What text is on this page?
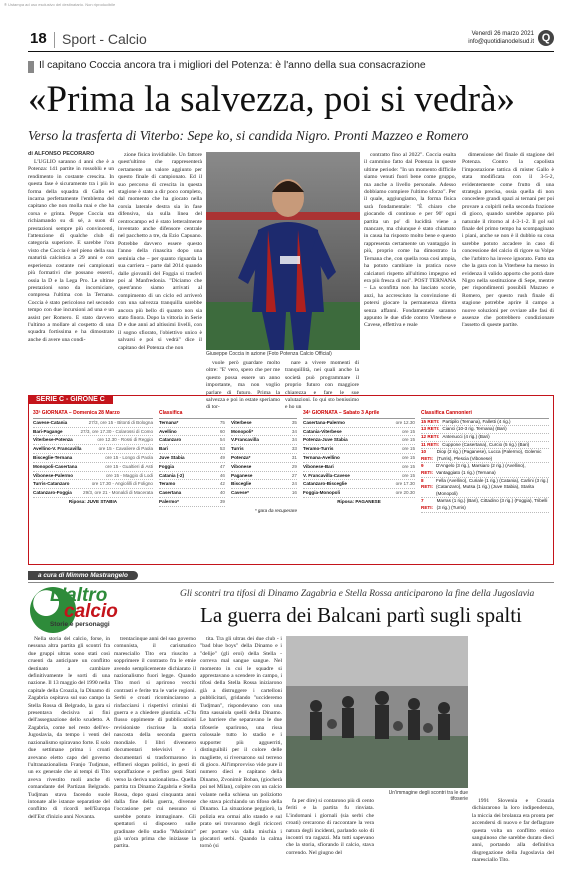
® Ustampa ad uso esclusivo del destinatario. Non riproducibile
18 Sport - Calcio	Venerdì 26 marzo 2021
info@quotidianodelsud.it Q
Il capitano Coccia ancora tra i migliori del Potenza: è l'anno della sua consacrazione
«Prima la salvezza, poi si vedrà»
Verso la trasferta di Viterbo: Sepe ko, si candida Nigro. Pronti Mazzeo e Romero
di ALFONSO PECORARO

L'UGLIO saranno 4 anni che è a Potenza: 141 partite in rossoblù e un rendimento in costante crescita. In questa fase è sicuramente tra i più in forma della squadra di Gallo ed incarna perfettamente l'emblema del capitano che non molla mai e che ha corsa e grinta. Peppe Coccia sta richiamando su di sé, a suon di prestazioni sempre più convincenti, l'attenzione di qualche club di categoria superiore. E sarebbe l'ora visto che Coccia è nel pieno della sua maturità calcistica a 29 anni e con esperienza costante nei campionati più formativi che possano esserci, ossia la D e la Lega Pro. Le ultime prestazioni sono da incorniciare, compresa l'ultima con la Ternana. Coccia è stato pericoloso nel secondo tempo con due incursioni ad una e un assist per Romero. E stato davvero l'ultimo a mollare al cospetto di una squadra fortissima e ha dimostrato anche di avere una condi-

zione fisica invidiabile. Un fattore quest'ultimo che rappresenterà certamente un valore aggiunto per questo finale di campionato. Ed il suo percorso di crescita in questa stagione è stato a dir poco completo, dal momento che ha giocato nella corsia laterale destra sia in fase difensiva, sia sulla linea del centrocampo ed è stato letteralmente inventato anche difensore centrale nel pacchetto a tre, da Ezio Capuano. Potrebbe davvero essere questo l'anno della rinascita dopo una seminia che – per quanto riguarda la sua carriera – parte dal 2014 quando dalle giovanili del Foggia si trasferì poi al Manfredonia. "Diciamo che quest'anno siamo arrivati al compimento di un ciclo ed arriverò con una salvezza tranquilla sarebbe ancora più bello di quanto non sia stato finora. Dopo la vittoria in Serie D e due anni ad altissimi livelli, con il sogno sfiorato, l'obiettivo unico è salvarsi e poi si vedrà" dice il capitano del Potenza che non

Giuseppe Coccia in azione (Foto Potenza Calcio Official)

vuole però guardare molto oltre: "E' vero, spero che per me questo possa essere un anno importante, ma non voglio parlare di futuro. Prima la salvezza e poi in estate speriamo di tor-

nare a vivere momenti di tranquillità, nei quali anche la società può programmare il proprio futuro con maggiore chiarezza e fare le sue valutazioni. Io qui sto benissimo e ho un

contratto fino al 2022". Coccia esalta il cammino fatto dal Potenza in queste ultime periode: "In un momento difficile siamo venuti fuori bene come gruppo, ma anche a livello personale. Adesso dobbiamo compiere l'ultimo sforzo". Per il quale, aggiungiamo, la forma fisica sarà fondamentale: "È chiaro che giocando di continuo e per 90' ogni partita un po' di lucidità viene a mancare, ma chiunque è stato chiamato in causa ha risposto molto bene e questo rappresenta certamente un vantaggio in più, proprio come ha dimostrato la Ternana che, con quella rosa così ampia, ha potuto cambiare in pratica nove calciatori rispetto all'ultimo impegno ed era più fresca di noi". POST TERNANA – La sconfitta non ha lasciato scorie, anzi, ha accresciuto la convinzione di potersi giocare la permanenza diretta senza affanni. Fondamentale saranno appunto le due sfide contro Viterbese e Cavese, effettiva e reale

dimensione del finale di stagione del Potenza. Contro la capolista l'impostazione tattica di mister Gallo è stata modificata con il 3-5-2, evidentemente come frutto di una strategia precisa, ossia quella di non concedere grandi spazi ai ternani per poi provare a colpirli nella seconda frazione di gioco, quando sarebbe apparso più naturale il ritorno al 4-3-1-2. Il gol sul finale del primo tempo ha scompaginato i piani, anche se non è il dubbio su cosa sarebbe potuto accadere in caso di concessione del calcio di rigore su Volpe che l'arbitro ha invece ignorato. Fatto sta che la gara con la Viterbese ha messo in evidenza il valido apporto che potrà dare Nigro nella sostituzione di Sepe, mentre per rispondimenti possibili Mazzeo e Romero, per questo rush finale di stagione potrebbe aprire il campo a nuove soluzioni per ovviare alle fasi di assenze che potrebbero condizionare l'assetto di queste partite.

SERIE C - GIRONE C
33ª GIORNATA – Domenica 28 Marzo
Cavese-Catania	27/3, ore 15 - Bitonti di Bologna
Bari-Pagange	27/3, ore 17.30 - Colarossi di Como
Viterbese-Potenza	ore 12.30 - Rossi di Reggio
Avellino-V. Francavilla	ore 15 - Cavaliere di Paola
Bisceglie-Ternana	ore 15 - Longo di Paola
Monopoli-Casertana	ore 15 - Gualtieri di Asti
Vibonese-Palermo	ore 15 - Maggio di Lodi
Turris-Catanzaro	ore 17.30 - Angiolilli di Foligno
Catanzaro-Foggia 29/3, ore 21 - Monaldi di Macerata
Riposa: JUVE STABIA
Classifica
Ternana*	75
Avellino	60
Catanzaro	54
Bari	53
Juve Stabia	49
Foggia	47
Catania (-2)	46
Teramo	42
Casertana	40
Palermo*	39
Viterbese	35
Monopoli*	34
V.Francavilla	34
Turris	33
Potenza*	31
Vibonese	29
Paganese	27
Bisceglie	24
Cavese*	16
* gara da recuperare
34ª GIORNATA – Sabato 3 Aprile
Casertana-Palermo	ore 12.30
Catania-Viterbese	ore 15
Potenza-Juve Stabia	ore 15
Teramo-Turris	ore 15
Ternana-Avellino	ore 15
Vibonese-Bari	ore 15
V. Francavilla-Cavese	ore 15
Catanzaro-Bisceglie	ore 17.30
Foggia-Monopoli	ore 20.30
Riposa: PAGANESE
Classifica Cannonieri
15 RETI: Partipilo (Ternana), Falletti (4 rig.)
13 RETI: Cianci (10-3 rig. Ternana) (Bari)
12 RETI: Antenucci (4 rig.) (Bari)
11 RETI: Cuppone (Casertana), Curcio (5 rig.) (Bari)
10 RETI:
Diop (2 rig.) (Paganese), Lucca (Palermo), Golemic (Turris), Plescia (Vibonese)
9 RETI:
D'Angelo (3 rig.), Marsiaro (2 rig.) (Avellino), Vantaggiato (1 rig.) (Ternana)
8 RETI:
Fella (Avellino), Curiale (1 rig.) (Catania), Carlini (3 rig.) (Catanzaro), Mutsa (1 rig.) (Juve Stabia), Starita (Monopoli)
7 RETI:
Marras (1 rig.) (Bari), Cittadino (3 rig.) (Foggia), Tribelli (3 rig.) (Turris)
a cura di Mimmo Mastrangelo
L'altro
calcio
Storie e personaggi
Gli scontri tra tifosi di Dinamo Zagabria e Stella Rossa anticiparono la fine della Jugoslavia
La guerra dei Balcani partì sugli spalti

Nella storia del calcio, forse, in nessuna altra partita gli scontri fra due gruppi ultras sono stati così cruenti da anticipare un conflitto destinato a cambiare definitivamente le sorti di una nazione. Il 13 maggio del 1990 nella capitale della Croazia, la Dinamo di Zagabria ospitava sul suo campo la Stella Rossa di Belgrado, la gara si presentava decisiva ai fini dell'assegnazione dello scudetto. A Zagabria, come nel resto dell'ex-Jugoslavia, da tempo i venti del nazionalismo spiravano forte. E solo due settimane prima i croati avevano eletto capo del governo l'ultranazionalista Franjo Tudjman, un ex generale che ai tempi di Tito aveva rivestito ruoli anche di comandante del Partizan Belgrado. Tudjman stava facendo suole intonate alle istanze separatiste del conflitto di ricordi nell'Europa dell'Est d'inizio anni Novanta.

trentacinque anni del suo governo comunista, il carismatico maresciallo Tito era riuscito a sopprimere il contrasto fra le etnie avendo semplicemente dichiarato il nazionalismo fuori legge. Quando Tito morì si aprirono vecchi contrasti e ferite tra le varie regioni. Serbi e croati ricominciarono a rinfacciarsi i rispettivi crimini di guerra e a chiedere giustizia. «C'fu flusso oppimente di pubblicazioni revisioniste riscrisse la storia nascosta della seconda guerra mondiale. I libri divennero documentari televisivi e i documentari si trasformarono in effimeri slogan politici, in gesti di sopraffazione e perfino gesti Stati verso la deriva nazionalista». Quella partita tra Dinamo Zagabria e Stella Rossa, dopo quasi cinquanta anni dalla fine della guerra, divenne l'occasione per cui nessuno si sarebbe potuto immaginare. Gli spettatori si disposero sulle gradinate dello stadio "Maksimir" già un'ora prima che iniziasse la partita.

tita. Tra gli ultras dei due club - i "bad blue boys" della Dinamo e i "delije" (gli eroi) della Stella - correva mal sangue sangue. Nel momento in cui le squadre si apprestavano a scendere in campo, i tifosi della Stella Rossa iniziarono già a distruggere i cartelloni pubblicitari, gridando "uccideremo Tudjman", rispondevano con una fitta sassaiola quelli della Dinamo. Le barriere che separavano le due tifoserie sparirono, una rissa colossale tutto lo stadio e i supporter più agguerriti, distinguibili per il colore delle magliette, si riversarono sul terreno di gioco. All'improvviso vide pure il numero dieci e capitano della Dinamo, Zvonimir Boban, (giocherà poi nel Milan), colpire con un calcio volante nella schiena un poliziotto che stava picchiando un tifoso della Dinamo. La situazione peggiorò, la polizia era ormai allo stando e sul prato sei trovarono degli ricicceri per portare via dalla mischia i giocatori serbi. Quando la calma tornò (si

Un'immagine degli scontri tra le due tifoserie

fa per dire) si contarono più di cento feriti e la partita fu rinviata. L'indomani i giornali (sia serbi che croati) cercarono di raccontare la vera natura degli incidenti, parlando solo di incontri tra ragazzi. Ma tutti sapevano che la storia, sfiorando il calcio, stava correndo. Nel giugno del

1991 Slovenia e Croazia dichiararono la loro indipendenza, la miccia dei brolanza era pronta per accendersi di nuovo e far deflagrare questa volta un conflitto etnico sanguinoso che sarebbe durato dieci anni, portando alla definitiva disgregazione della Jugoslavia del maresciallo Tito.
